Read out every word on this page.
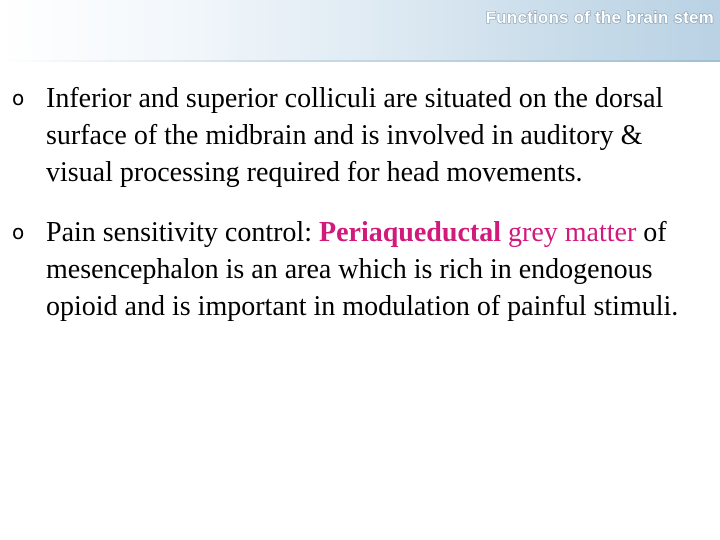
Functions of the brain stem
o Inferior and superior colliculi are situated on the dorsal surface of the midbrain and is involved in auditory & visual processing required for head movements.
o Pain sensitivity control: Periaqueductal grey matter of mesencephalon is an area which is rich in endogenous opioid and is important in modulation of painful stimuli.
